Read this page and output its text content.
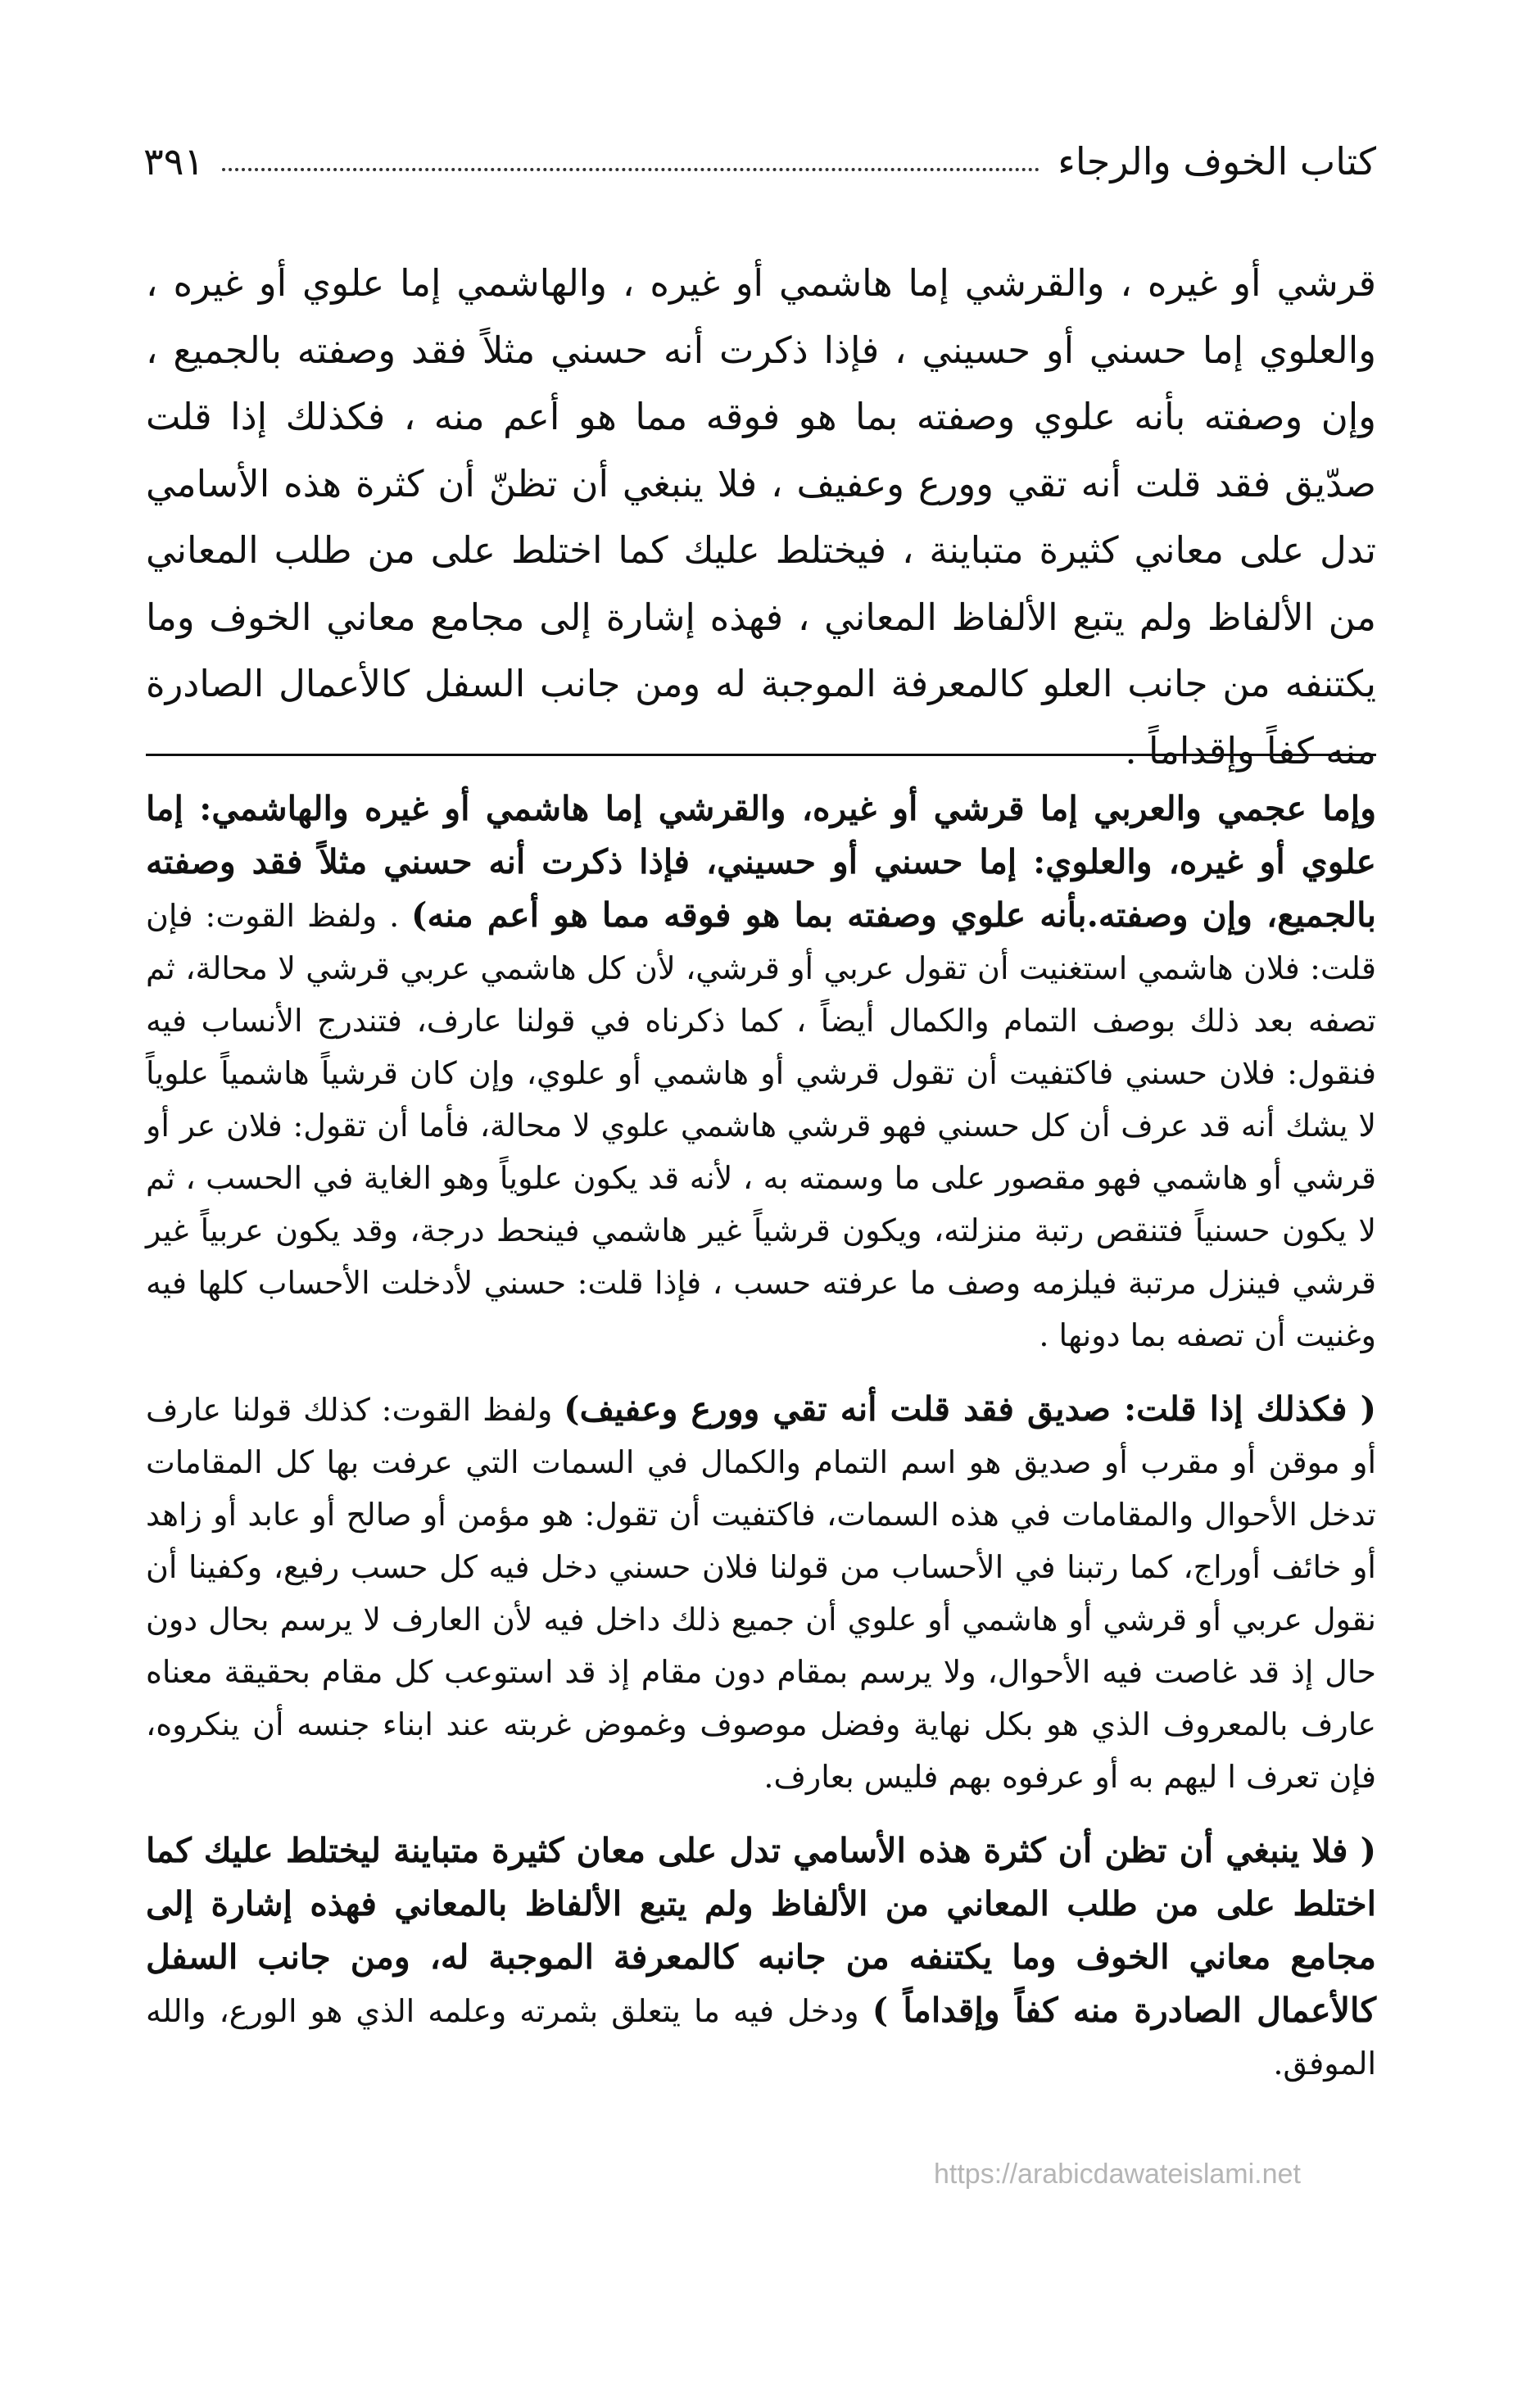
كتاب الخوف والرجاء
٣٩١
قرشي أو غيره ، والقرشي إما هاشمي أو غيره ، والهاشمي إما علوي أو غيره ، والعلوي إما حسني أو حسيني ، فإذا ذكرت أنه حسني مثلاً فقد وصفته بالجميع ، وإن وصفته بأنه علوي وصفته بما هو فوقه مما هو أعم منه ، فكذلك إذا قلت صدّيق فقد قلت أنه تقي وورع وعفيف ، فلا ينبغي أن تظنّ أن كثرة هذه الأسامي تدل على معاني كثيرة متباينة ، فيختلط عليك كما اختلط على من طلب المعاني من الألفاظ ولم يتبع الألفاظ المعاني ، فهذه إشارة إلى مجامع معاني الخوف وما يكتنفه من جانب العلو كالمعرفة الموجبة له ومن جانب السفل كالأعمال الصادرة منه كفاً وإقداماً .

وإما عجمي والعربي إما قرشي أو غيره، والقرشي إما هاشمي أو غيره والهاشمي: إما علوي أو غيره، والعلوي: إما حسني أو حسيني، فإذا ذكرت أنه حسني مثلاً فقد وصفته بالجميع، وإن وصفته.بأنه علوي وصفته بما هو فوقه مما هو أعم منه) . ولفظ القوت: فإن قلت: فلان هاشمي استغنيت أن تقول عربي أو قرشي، لأن كل هاشمي عربي قرشي لا محالة، ثم تصفه بعد ذلك بوصف التمام والكمال أيضاً ، كما ذكرناه في قولنا عارف، فتندرج الأنساب فيه فنقول: فلان حسني فاكتفيت أن تقول قرشي أو هاشمي أو علوي، وإن كان قرشياً هاشمياً علوياً لا يشك أنه قد عرف أن كل حسني فهو قرشي هاشمي علوي لا محالة، فأما أن تقول: فلان عر أو قرشي أو هاشمي فهو مقصور على ما وسمته به ، لأنه قد يكون علوياً وهو الغاية في الحسب ، ثم لا يكون حسنياً فتنقص رتبة منزلته، ويكون قرشياً غير هاشمي فينحط درجة، وقد يكون عربياً غير قرشي فينزل مرتبة فيلزمه وصف ما عرفته حسب ، فإذا قلت: حسني لأدخلت الأحساب كلها فيه وغنيت أن تصفه بما دونها .

( فكذلك إذا قلت: صديق فقد قلت أنه تقي وورع وعفيف) ولفظ القوت: كذلك قولنا عارف أو موقن أو مقرب أو صديق هو اسم التمام والكمال في السمات التي عرفت بها كل المقامات تدخل الأحوال والمقامات في هذه السمات، فاكتفيت أن تقول: هو مؤمن أو صالح أو عابد أو زاهد أو خائف أوراج، كما رتبنا في الأحساب من قولنا فلان حسني دخل فيه كل حسب رفيع، وكفينا أن نقول عربي أو قرشي أو هاشمي أو علوي أن جميع ذلك داخل فيه لأن العارف لا يرسم بحال دون حال إذ قد غاصت فيه الأحوال، ولا يرسم بمقام دون مقام إذ قد استوعب كل مقام بحقيقة معناه عارف بالمعروف الذي هو بكل نهاية وفضل موصوف وغموض غربته عند ابناء جنسه أن ينكروه، فإن تعرف ا ليهم به أو عرفوه بهم فليس بعارف.

( فلا ينبغي أن تظن أن كثرة هذه الأسامي تدل على معان كثيرة متباينة ليختلط عليك كما اختلط على من طلب المعاني من الألفاظ ولم يتبع الألفاظ بالمعاني فهذه إشارة إلى مجامع معاني الخوف وما يكتنفه من جانبه كالمعرفة الموجبة له، ومن جانب السفل كالأعمال الصادرة منه كفاً وإقداماً ) ودخل فيه ما يتعلق بثمرته وعلمه الذي هو الورع، والله الموفق.

https://arabicdawateislami.net
